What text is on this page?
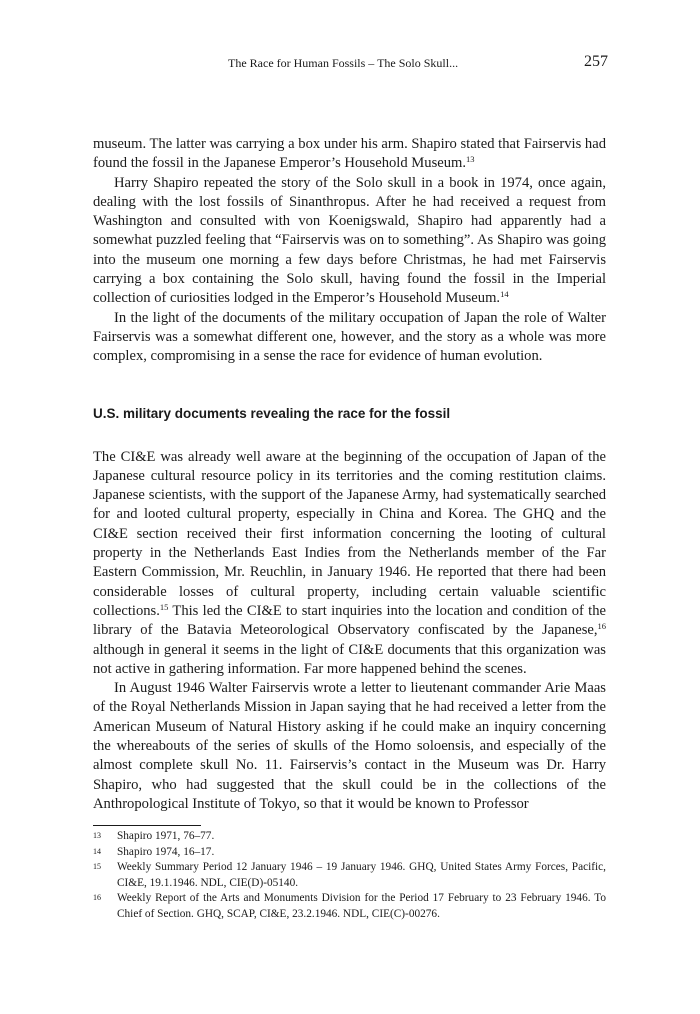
The Race for Human Fossils – The Solo Skull...	257

museum. The latter was carrying a box under his arm. Shapiro stated that Fairservis had found the fossil in the Japanese Emperor’s Household Museum.$^{13}$

Harry Shapiro repeated the story of the Solo skull in a book in 1974, once again, dealing with the lost fossils of Sinanthropus. After he had received a request from Washington and consulted with von Koenigswald, Shapiro had apparently had a somewhat puzzled feeling that “Fairservis was on to something”. As Shapiro was going into the museum one morning a few days before Christmas, he had met Fairservis carrying a box containing the Solo skull, having found the fossil in the Imperial collection of curiosities lodged in the Emperor’s Household Museum.$^{14}$

In the light of the documents of the military occupation of Japan the role of Walter Fairservis was a somewhat different one, however, and the story as a whole was more complex, compromising in a sense the race for evidence of human evolution.

U.S. military documents revealing the race for the fossil

The CI&E was already well aware at the beginning of the occupation of Japan of the Japanese cultural resource policy in its territories and the coming restitution claims. Japanese scientists, with the support of the Japanese Army, had systematically searched for and looted cultural property, especially in China and Korea. The GHQ and the CI&E section received their first information concerning the looting of cultural property in the Netherlands East Indies from the Netherlands member of the Far Eastern Commission, Mr. Reuchlin, in January 1946. He reported that there had been considerable losses of cultural property, including certain valuable scientific collections.$^{15}$ This led the CI&E to start inquiries into the location and condition of the library of the Batavia Meteorological Observatory confiscated by the Japanese,$^{16}$ although in general it seems in the light of CI&E documents that this organization was not active in gathering information. Far more happened behind the scenes.

In August 1946 Walter Fairservis wrote a letter to lieutenant commander Arie Maas of the Royal Netherlands Mission in Japan saying that he had received a letter from the American Museum of Natural History asking if he could make an inquiry concerning the whereabouts of the series of skulls of the Homo soloensis, and especially of the almost complete skull No. 11. Fairservis’s contact in the Museum was Dr. Harry Shapiro, who had suggested that the skull could be in the collections of the Anthropological Institute of Tokyo, so that it would be known to Professor

13	Shapiro 1971, 76–77.
14	Shapiro 1974, 16–17.
15	Weekly Summary Period 12 January 1946 – 19 January 1946. GHQ, United States Army Forces, Pacific, CI&E, 19.1.1946. NDL, CIE(D)-05140.
16	Weekly Report of the Arts and Monuments Division for the Period 17 February to 23 February 1946. To Chief of Section. GHQ, SCAP, CI&E, 23.2.1946. NDL, CIE(C)-00276.
